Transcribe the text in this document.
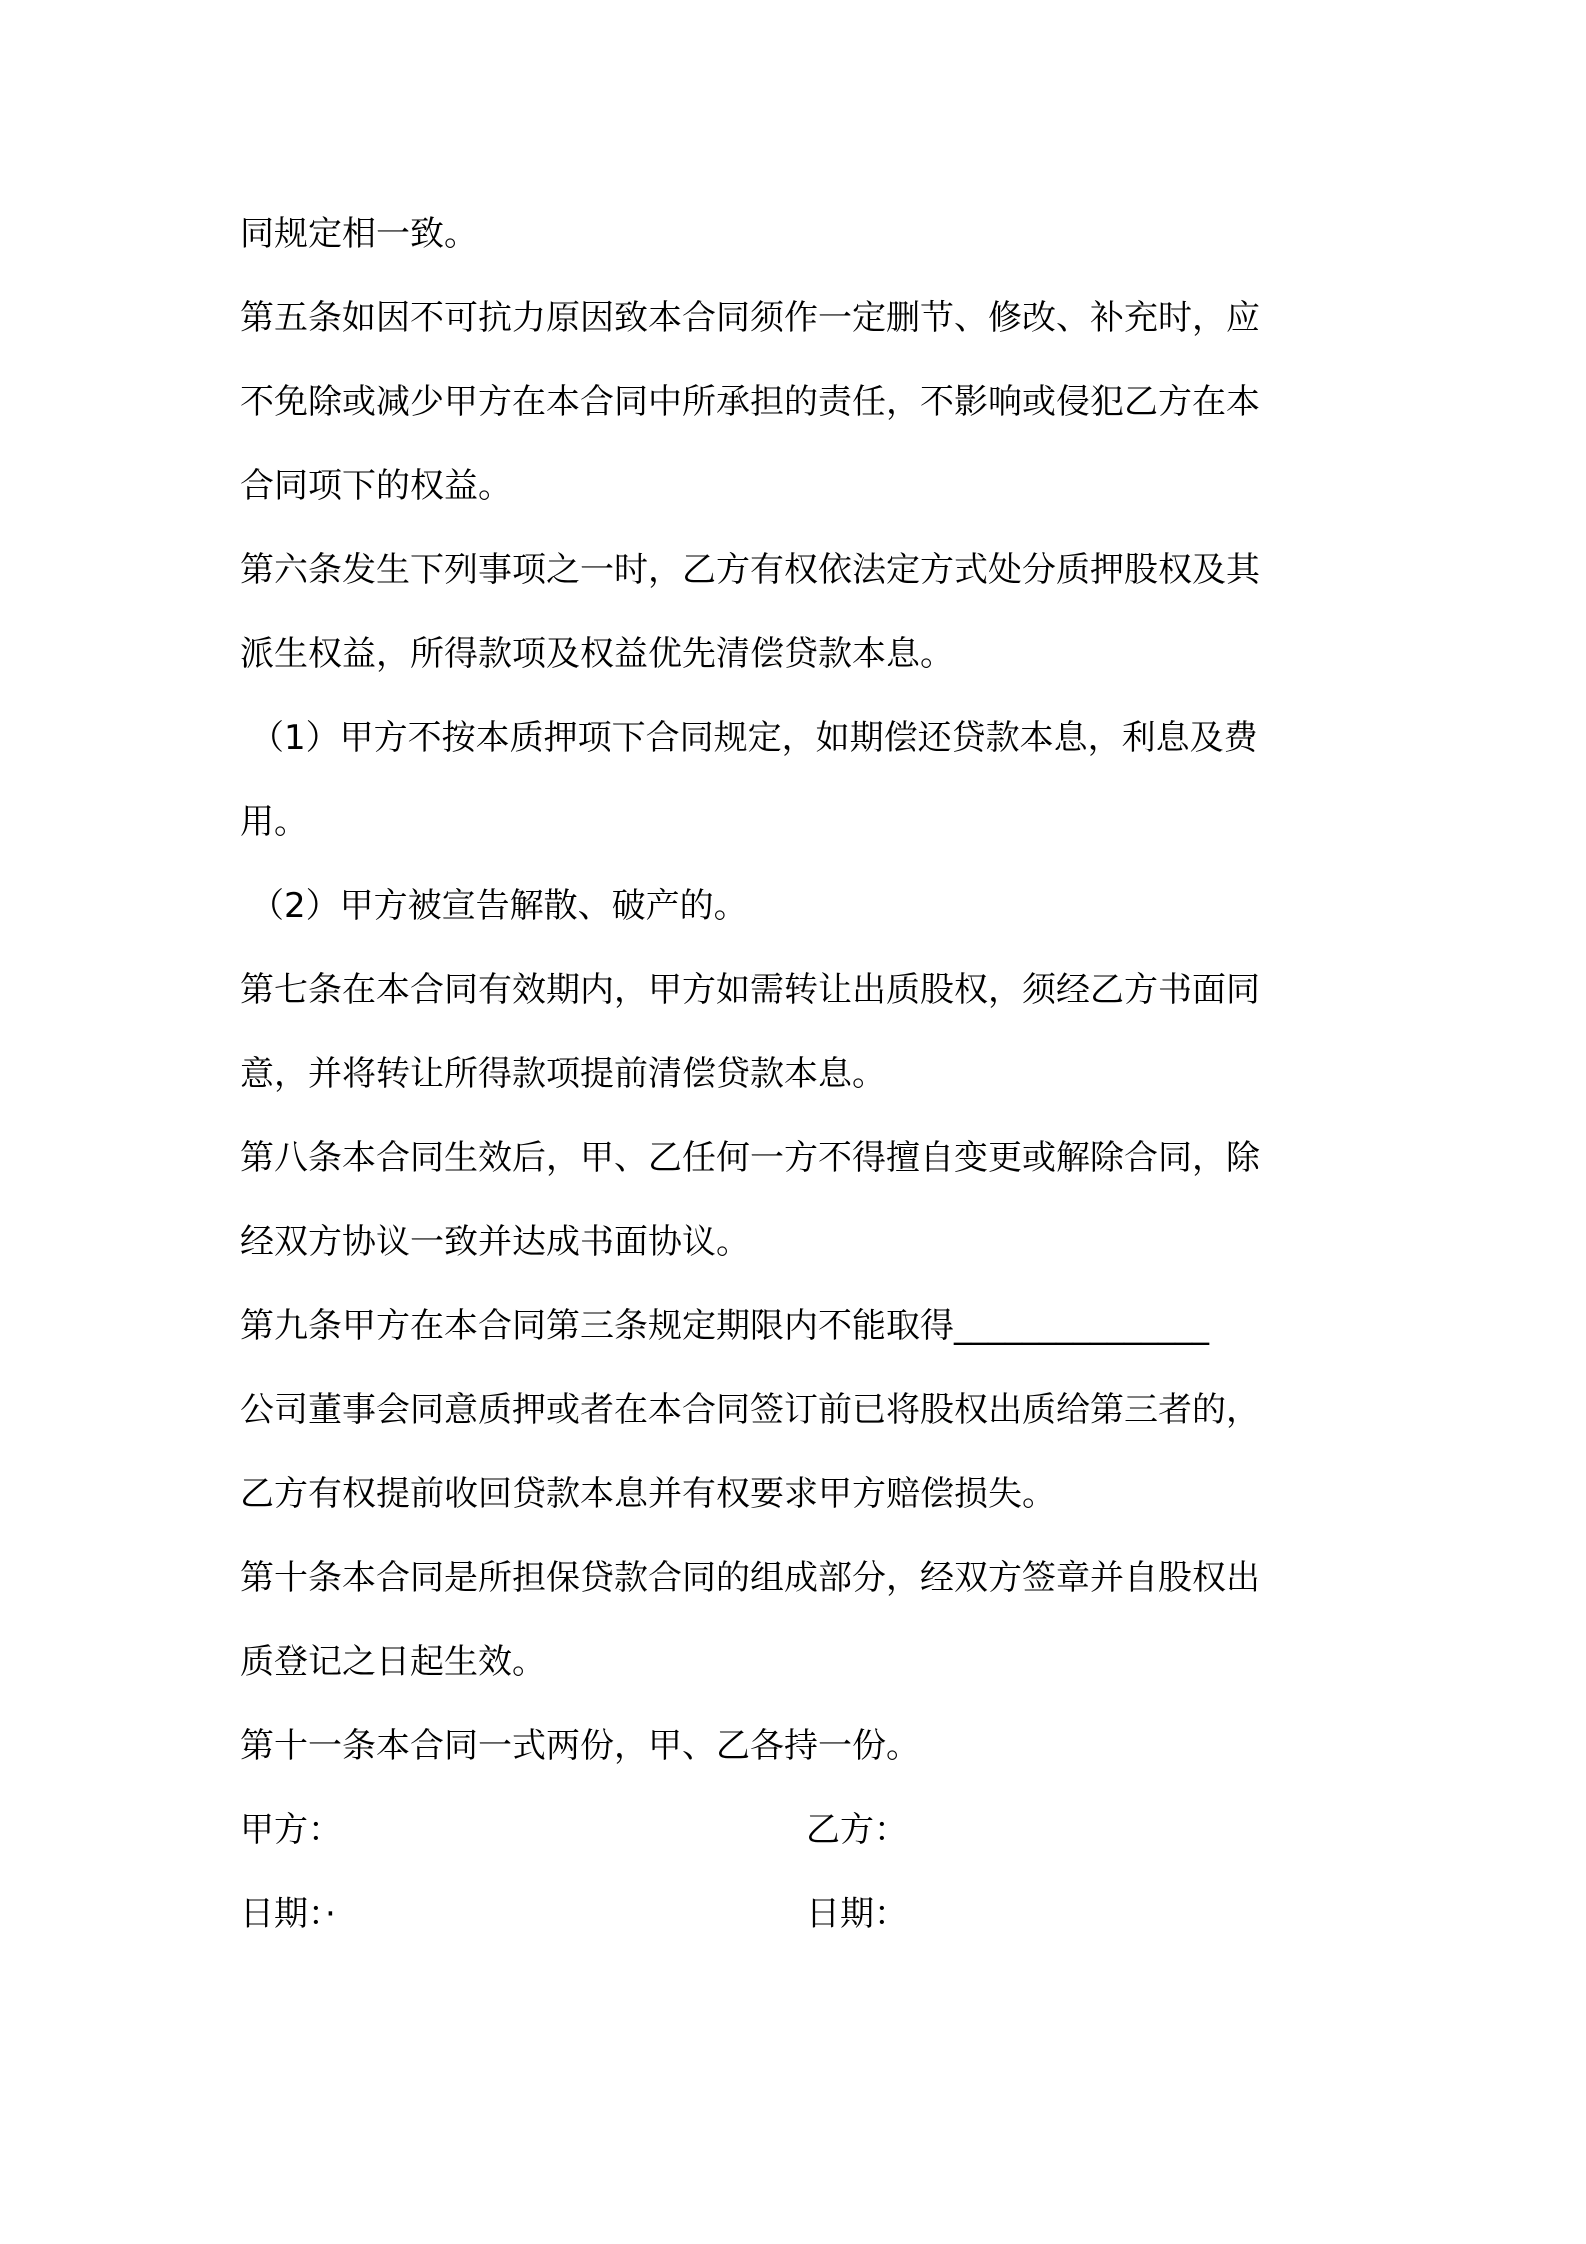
同规定相一致。
第五条如因不可抗力原因致本合同须作一定删节、修改、补充时，应
不免除或减少甲方在本合同中所承担的责任，不影响或侵犯乙方在本
合同项下的权益。
第六条发生下列事项之一时，乙方有权依法定方式处分质押股权及其
派生权益，所得款项及权益优先清偿贷款本息。
（1）甲方不按本质押项下合同规定，如期偿还贷款本息，利息及费
用。
（2）甲方被宣告解散、破产的。
第七条在本合同有效期内，甲方如需转让出质股权，须经乙方书面同
意，并将转让所得款项提前清偿贷款本息。
第八条本合同生效后，甲、乙任何一方不得擅自变更或解除合同，除
经双方协议一致并达成书面协议。
第九条甲方在本合同第三条规定期限内不能取得_______________
公司董事会同意质押或者在本合同签订前已将股权出质给第三者的，
乙方有权提前收回贷款本息并有权要求甲方赔偿损失。
第十条本合同是所担保贷款合同的组成部分，经双方签章并自股权出
质登记之日起生效。
第十一条本合同一式两份，甲、乙各持一份。
甲方：	乙方：
日期：·	日期：
